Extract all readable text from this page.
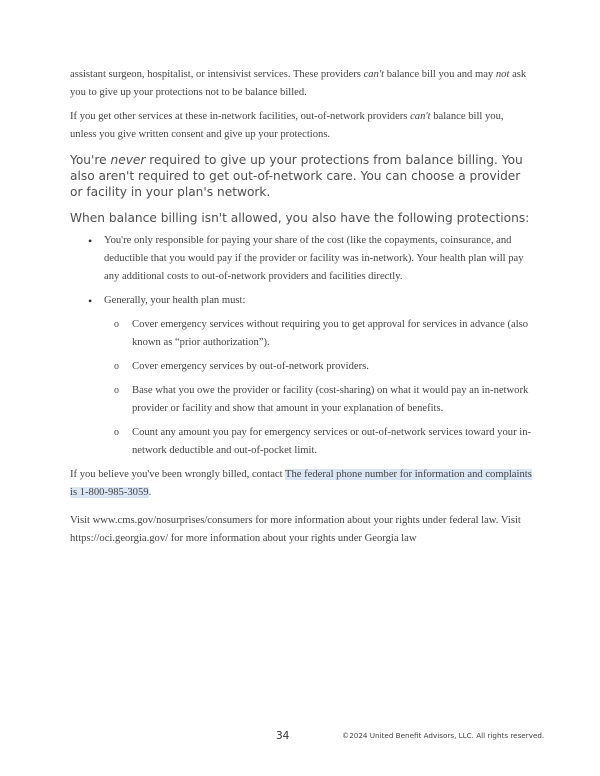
assistant surgeon, hospitalist, or intensivist services. These providers can't balance bill you and may not ask you to give up your protections not to be balance billed.

If you get other services at these in-network facilities, out-of-network providers can't balance bill you, unless you give written consent and give up your protections.

You're never required to give up your protections from balance billing. You also aren't required to get out-of-network care. You can choose a provider or facility in your plan's network.

When balance billing isn't allowed, you also have the following protections:

• You're only responsible for paying your share of the cost (like the copayments, coinsurance, and deductible that you would pay if the provider or facility was in-network). Your health plan will pay any additional costs to out-of-network providers and facilities directly.
• Generally, your health plan must:
o Cover emergency services without requiring you to get approval for services in advance (also known as “prior authorization”).
o Cover emergency services by out-of-network providers.
o Base what you owe the provider or facility (cost-sharing) on what it would pay an in-network provider or facility and show that amount in your explanation of benefits.
o Count any amount you pay for emergency services or out-of-network services toward your in-network deductible and out-of-pocket limit.

If you believe you've been wrongly billed, contact The federal phone number for information and complaints is 1-800-985-3059.

Visit www.cms.gov/nosurprises/consumers for more information about your rights under federal law. Visit https://oci.georgia.gov/ for more information about your rights under Georgia law

34	©2024 United Benefit Advisors, LLC. All rights reserved.
